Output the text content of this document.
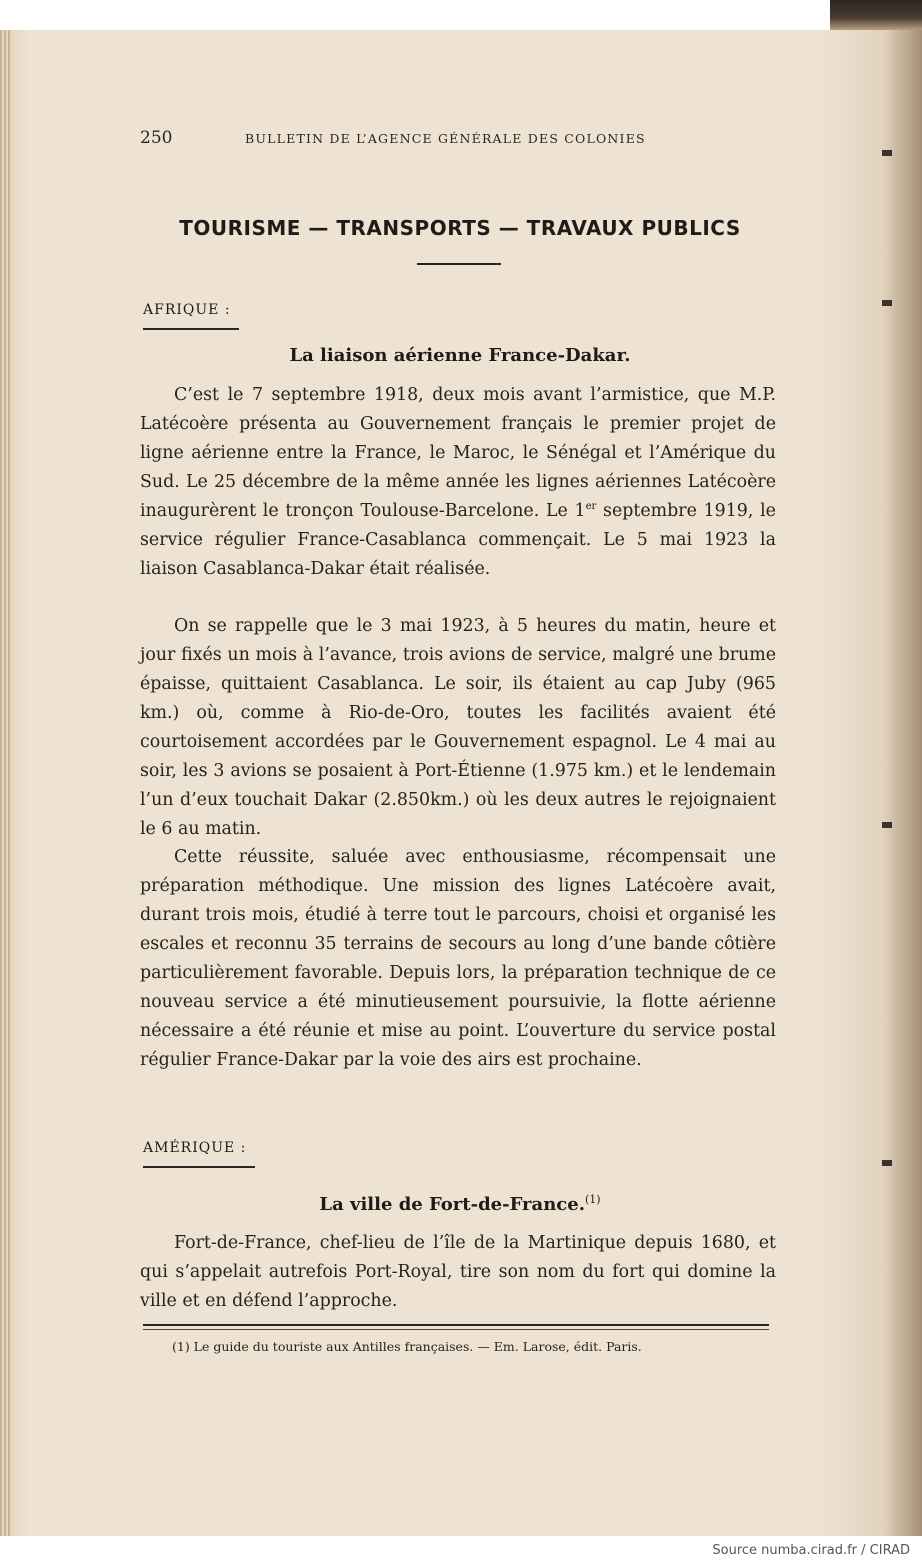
250	BULLETIN DE L’AGENCE GÉNÉRALE DES COLONIES
TOURISME — TRANSPORTS — TRAVAUX PUBLICS
AFRIQUE :
La liaison aérienne France-Dakar.

C’est le 7 septembre 1918, deux mois avant l’armistice, que M.P. Latécoère présenta au Gouvernement français le premier projet de ligne aérienne entre la France, le Maroc, le Sénégal et l’Amérique du Sud. Le 25 décembre de la même année les lignes aériennes Latécoère inaugurèrent le tronçon Toulouse-Barcelone. Le 1er septembre 1919, le service régulier France-Casablanca commençait. Le 5 mai 1923 la liaison Casablanca-Dakar était réalisée.

On se rappelle que le 3 mai 1923, à 5 heures du matin, heure et jour fixés un mois à l’avance, trois avions de service, malgré une brume épaisse, quittaient Casablanca. Le soir, ils étaient au cap Juby (965 km.) où, comme à Rio-de-Oro, toutes les facilités avaient été courtoisement accordées par le Gouvernement espagnol. Le 4 mai au soir, les 3 avions se posaient à Port-Étienne (1.975 km.) et le lendemain l’un d’eux touchait Dakar (2.850km.) où les deux autres le rejoignaient le 6 au matin.

Cette réussite, saluée avec enthousiasme, récompensait une préparation méthodique. Une mission des lignes Latécoère avait, durant trois mois, étudié à terre tout le parcours, choisi et organisé les escales et reconnu 35 terrains de secours au long d’une bande côtière particulièrement favorable. Depuis lors, la préparation technique de ce nouveau service a été minutieusement poursuivie, la flotte aérienne nécessaire a été réunie et mise au point. L’ouverture du service postal régulier France-Dakar par la voie des airs est prochaine.

AMÉRIQUE :
La ville de Fort-de-France.$^{(1)}$

Fort-de-France, chef-lieu de l’île de la Martinique depuis 1680, et qui s’appelait autrefois Port-Royal, tire son nom du fort qui domine la ville et en défend l’approche.

(1) Le guide du touriste aux Antilles françaises. — Em. Larose, édit. Paris.
Source numba.cirad.fr / CIRAD
